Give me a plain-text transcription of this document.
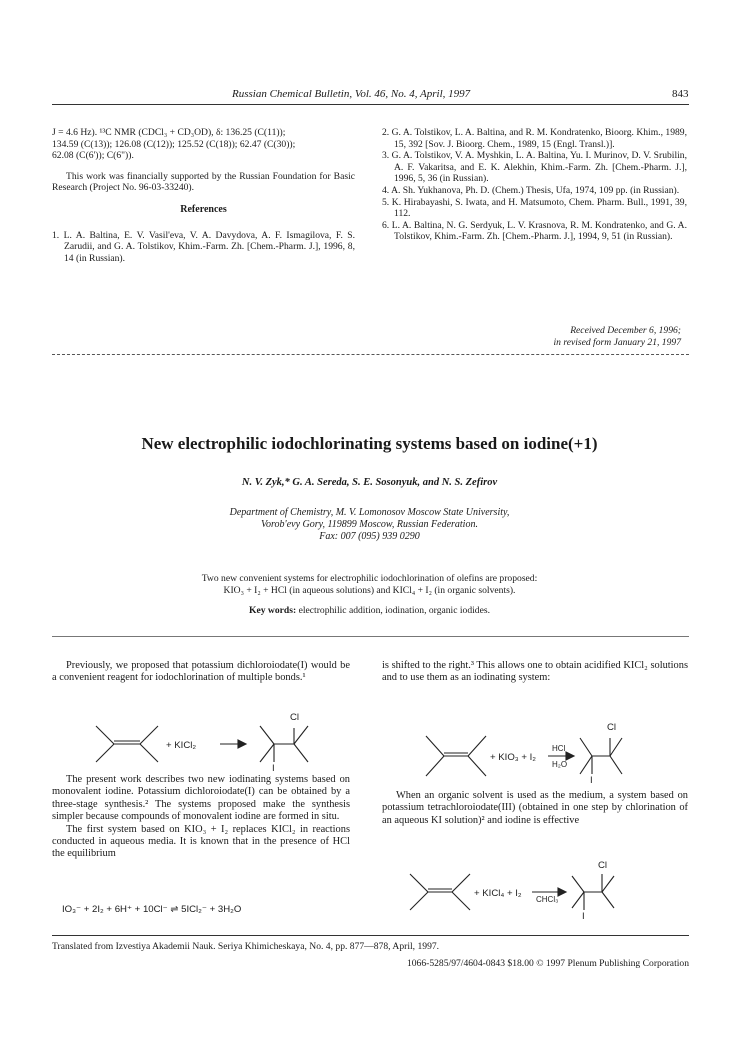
Russian Chemical Bulletin, Vol. 46, No. 4, April, 1997	843

J = 4.6 Hz). ¹³C NMR (CDCl₃ + CD₃OD), δ: 136.25 (C(11));

134.59 (C(13)); 126.08 (C(12)); 125.52 (C(18)); 62.47 (C(30));

62.08 (C(6')); C(6")).

This work was financially supported by the Russian Foundation for Basic Research (Project No. 96-03-33240).

References

1. L. A. Baltina, E. V. Vasil'eva, V. A. Davydova, A. F. Ismagilova, F. S. Zarudii, and G. A. Tolstikov, Khim.-Farm. Zh. [Chem.-Pharm. J.], 1996, 8, 14 (in Russian).

2. G. A. Tolstikov, L. A. Baltina, and R. M. Kondratenko, Bioorg. Khim., 1989, 15, 392 [Sov. J. Bioorg. Chem., 1989, 15 (Engl. Transl.)].

3. G. A. Tolstikov, V. A. Myshkin, L. A. Baltina, Yu. I. Murinov, D. V. Srubilin, A. F. Vakaritsa, and E. K. Alekhin, Khim.-Farm. Zh. [Chem.-Pharm. J.], 1996, 5, 36 (in Russian).

4. A. Sh. Yukhanova, Ph. D. (Chem.) Thesis, Ufa, 1974, 109 pp. (in Russian).

5. K. Hirabayashi, S. Iwata, and H. Matsumoto, Chem. Pharm. Bull., 1991, 39, 112.

6. L. A. Baltina, N. G. Serdyuk, L. V. Krasnova, R. M. Kondratenko, and G. A. Tolstikov, Khim.-Farm. Zh. [Chem.-Pharm. J.], 1994, 9, 51 (in Russian).

Received December 6, 1996;
in revised form January 21, 1997
New electrophilic iodochlorinating systems based on iodine(+1)
N. V. Zyk,* G. A. Sereda, S. E. Sosonyuk, and N. S. Zefirov
Department of Chemistry, M. V. Lomonosov Moscow State University,
Vorob'evy Gory, 119899 Moscow, Russian Federation.
Fax: 007 (095) 939 0290
Two new convenient systems for electrophilic iodochlorination of olefins are proposed:
KIO₃ + I₂ + HCl (in aqueous solutions) and KICl₄ + I₂ (in organic solvents).
Key words: electrophilic addition, iodination, organic iodides.

Previously, we proposed that potassium dichloroiodate(I) would be a convenient reagent for iodochlorination of multiple bonds.¹

+ KICl₂
Cl
I

The present work describes two new iodinating systems based on monovalent iodine. Potassium dichloroiodate(I) can be obtained by a three-stage synthesis.² The systems proposed make the synthesis simpler because compounds of monovalent iodine are formed in situ.

The first system based on KIO₃ + I₂ replaces KICl₂ in reactions conducted in aqueous media. It is known that in the presence of HCl the equilibrium

IO₃⁻ + 2I₂ + 6H⁺ + 10Cl⁻ ⇌ 5ICl₂⁻ + 3H₂O

is shifted to the right.³ This allows one to obtain acidified KICl₂ solutions and to use them as an iodinating system:

+ KIO₃ + I₂
HCl
H₂O
Cl
I

When an organic solvent is used as the medium, a system based on potassium tetrachloroiodate(III) (obtained in one step by chlorination of an aqueous KI solution)² and iodine is effective

+ KICl₄ + I₂
CHCl₃
Cl
I
Translated from Izvestiya Akademii Nauk. Seriya Khimicheskaya, No. 4, pp. 877—878, April, 1997.
1066-5285/97/4604-0843 $18.00 © 1997 Plenum Publishing Corporation
